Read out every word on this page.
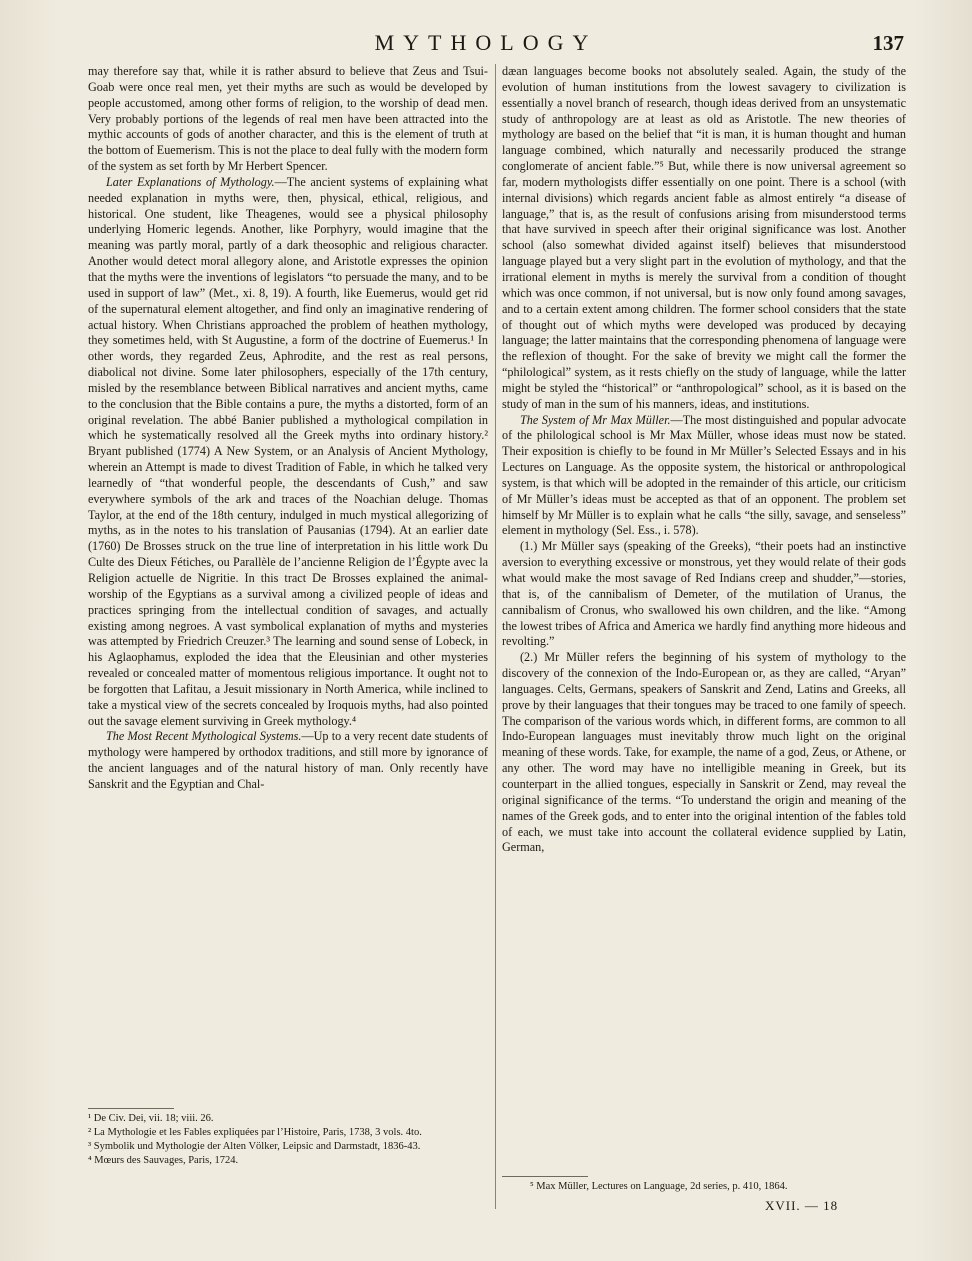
MYTHOLOGY	137

may therefore say that, while it is rather absurd to believe that Zeus and Tsui-Goab were once real men, yet their myths are such as would be developed by people accustomed, among other forms of religion, to the worship of dead men. Very probably portions of the legends of real men have been attracted into the mythic accounts of gods of another character, and this is the element of truth at the bottom of Euemerism. This is not the place to deal fully with the modern form of the system as set forth by Mr Herbert Spencer.

Later Explanations of Mythology.—The ancient systems of explaining what needed explanation in myths were, then, physical, ethical, religious, and historical. One student, like Theagenes, would see a physical philosophy underlying Homeric legends. Another, like Porphyry, would imagine that the meaning was partly moral, partly of a dark theosophic and religious character. Another would detect moral allegory alone, and Aristotle expresses the opinion that the myths were the inventions of legislators “to persuade the many, and to be used in support of law” (Met., xi. 8, 19). A fourth, like Euemerus, would get rid of the supernatural element altogether, and find only an imaginative rendering of actual history. When Christians approached the problem of heathen mythology, they sometimes held, with St Augustine, a form of the doctrine of Euemerus.¹ In other words, they regarded Zeus, Aphrodite, and the rest as real persons, diabolical not divine. Some later philosophers, especially of the 17th century, misled by the resemblance between Biblical narratives and ancient myths, came to the conclusion that the Bible contains a pure, the myths a distorted, form of an original revelation. The abbé Banier published a mythological compilation in which he systematically resolved all the Greek myths into ordinary history.² Bryant published (1774) A New System, or an Analysis of Ancient Mythology, wherein an Attempt is made to divest Tradition of Fable, in which he talked very learnedly of “that wonderful people, the descendants of Cush,” and saw everywhere symbols of the ark and traces of the Noachian deluge. Thomas Taylor, at the end of the 18th century, indulged in much mystical allegorizing of myths, as in the notes to his translation of Pausanias (1794). At an earlier date (1760) De Brosses struck on the true line of interpretation in his little work Du Culte des Dieux Fétiches, ou Parallèle de l’ancienne Religion de l’Égypte avec la Religion actuelle de Nigritie. In this tract De Brosses explained the animal-worship of the Egyptians as a survival among a civilized people of ideas and practices springing from the intellectual condition of savages, and actually existing among negroes. A vast symbolical explanation of myths and mysteries was attempted by Friedrich Creuzer.³ The learning and sound sense of Lobeck, in his Aglaophamus, exploded the idea that the Eleusinian and other mysteries revealed or concealed matter of momentous religious importance. It ought not to be forgotten that Lafitau, a Jesuit missionary in North America, while inclined to take a mystical view of the secrets concealed by Iroquois myths, had also pointed out the savage element surviving in Greek mythology.⁴

The Most Recent Mythological Systems.—Up to a very recent date students of mythology were hampered by orthodox traditions, and still more by ignorance of the ancient languages and of the natural history of man. Only recently have Sanskrit and the Egyptian and Chal-

dæan languages become books not absolutely sealed. Again, the study of the evolution of human institutions from the lowest savagery to civilization is essentially a novel branch of research, though ideas derived from an unsystematic study of anthropology are at least as old as Aristotle. The new theories of mythology are based on the belief that “it is man, it is human thought and human language combined, which naturally and necessarily produced the strange conglomerate of ancient fable.”⁵ But, while there is now universal agreement so far, modern mythologists differ essentially on one point. There is a school (with internal divisions) which regards ancient fable as almost entirely “a disease of language,” that is, as the result of confusions arising from misunderstood terms that have survived in speech after their original significance was lost. Another school (also somewhat divided against itself) believes that misunderstood language played but a very slight part in the evolution of mythology, and that the irrational element in myths is merely the survival from a condition of thought which was once common, if not universal, but is now only found among savages, and to a certain extent among children. The former school considers that the state of thought out of which myths were developed was produced by decaying language; the latter maintains that the corresponding phenomena of language were the reflexion of thought. For the sake of brevity we might call the former the “philological” system, as it rests chiefly on the study of language, while the latter might be styled the “historical” or “anthropological” school, as it is based on the study of man in the sum of his manners, ideas, and institutions.

The System of Mr Max Müller.—The most distinguished and popular advocate of the philological school is Mr Max Müller, whose ideas must now be stated. Their exposition is chiefly to be found in Mr Müller’s Selected Essays and in his Lectures on Language. As the opposite system, the historical or anthropological system, is that which will be adopted in the remainder of this article, our criticism of Mr Müller’s ideas must be accepted as that of an opponent. The problem set himself by Mr Müller is to explain what he calls “the silly, savage, and senseless” element in mythology (Sel. Ess., i. 578).

(1.) Mr Müller says (speaking of the Greeks), “their poets had an instinctive aversion to everything excessive or monstrous, yet they would relate of their gods what would make the most savage of Red Indians creep and shudder,”—stories, that is, of the cannibalism of Demeter, of the mutilation of Uranus, the cannibalism of Cronus, who swallowed his own children, and the like. “Among the lowest tribes of Africa and America we hardly find anything more hideous and revolting.”

(2.) Mr Müller refers the beginning of his system of mythology to the discovery of the connexion of the Indo-European or, as they are called, “Aryan” languages. Celts, Germans, speakers of Sanskrit and Zend, Latins and Greeks, all prove by their languages that their tongues may be traced to one family of speech. The comparison of the various words which, in different forms, are common to all Indo-European languages must inevitably throw much light on the original meaning of these words. Take, for example, the name of a god, Zeus, or Athene, or any other. The word may have no intelligible meaning in Greek, but its counterpart in the allied tongues, especially in Sanskrit or Zend, may reveal the original significance of the terms. “To understand the origin and meaning of the names of the Greek gods, and to enter into the original intention of the fables told of each, we must take into account the collateral evidence supplied by Latin, German,

¹ De Civ. Dei, vii. 18; viii. 26.
² La Mythologie et les Fables expliquées par l’Histoire, Paris, 1738, 3 vols. 4to.
³ Symbolik und Mythologie der Alten Völker, Leipsic and Darmstadt, 1836-43.
⁴ Mœurs des Sauvages, Paris, 1724.
⁵ Max Müller, Lectures on Language, 2d series, p. 410, 1864.
XVII. — 18
